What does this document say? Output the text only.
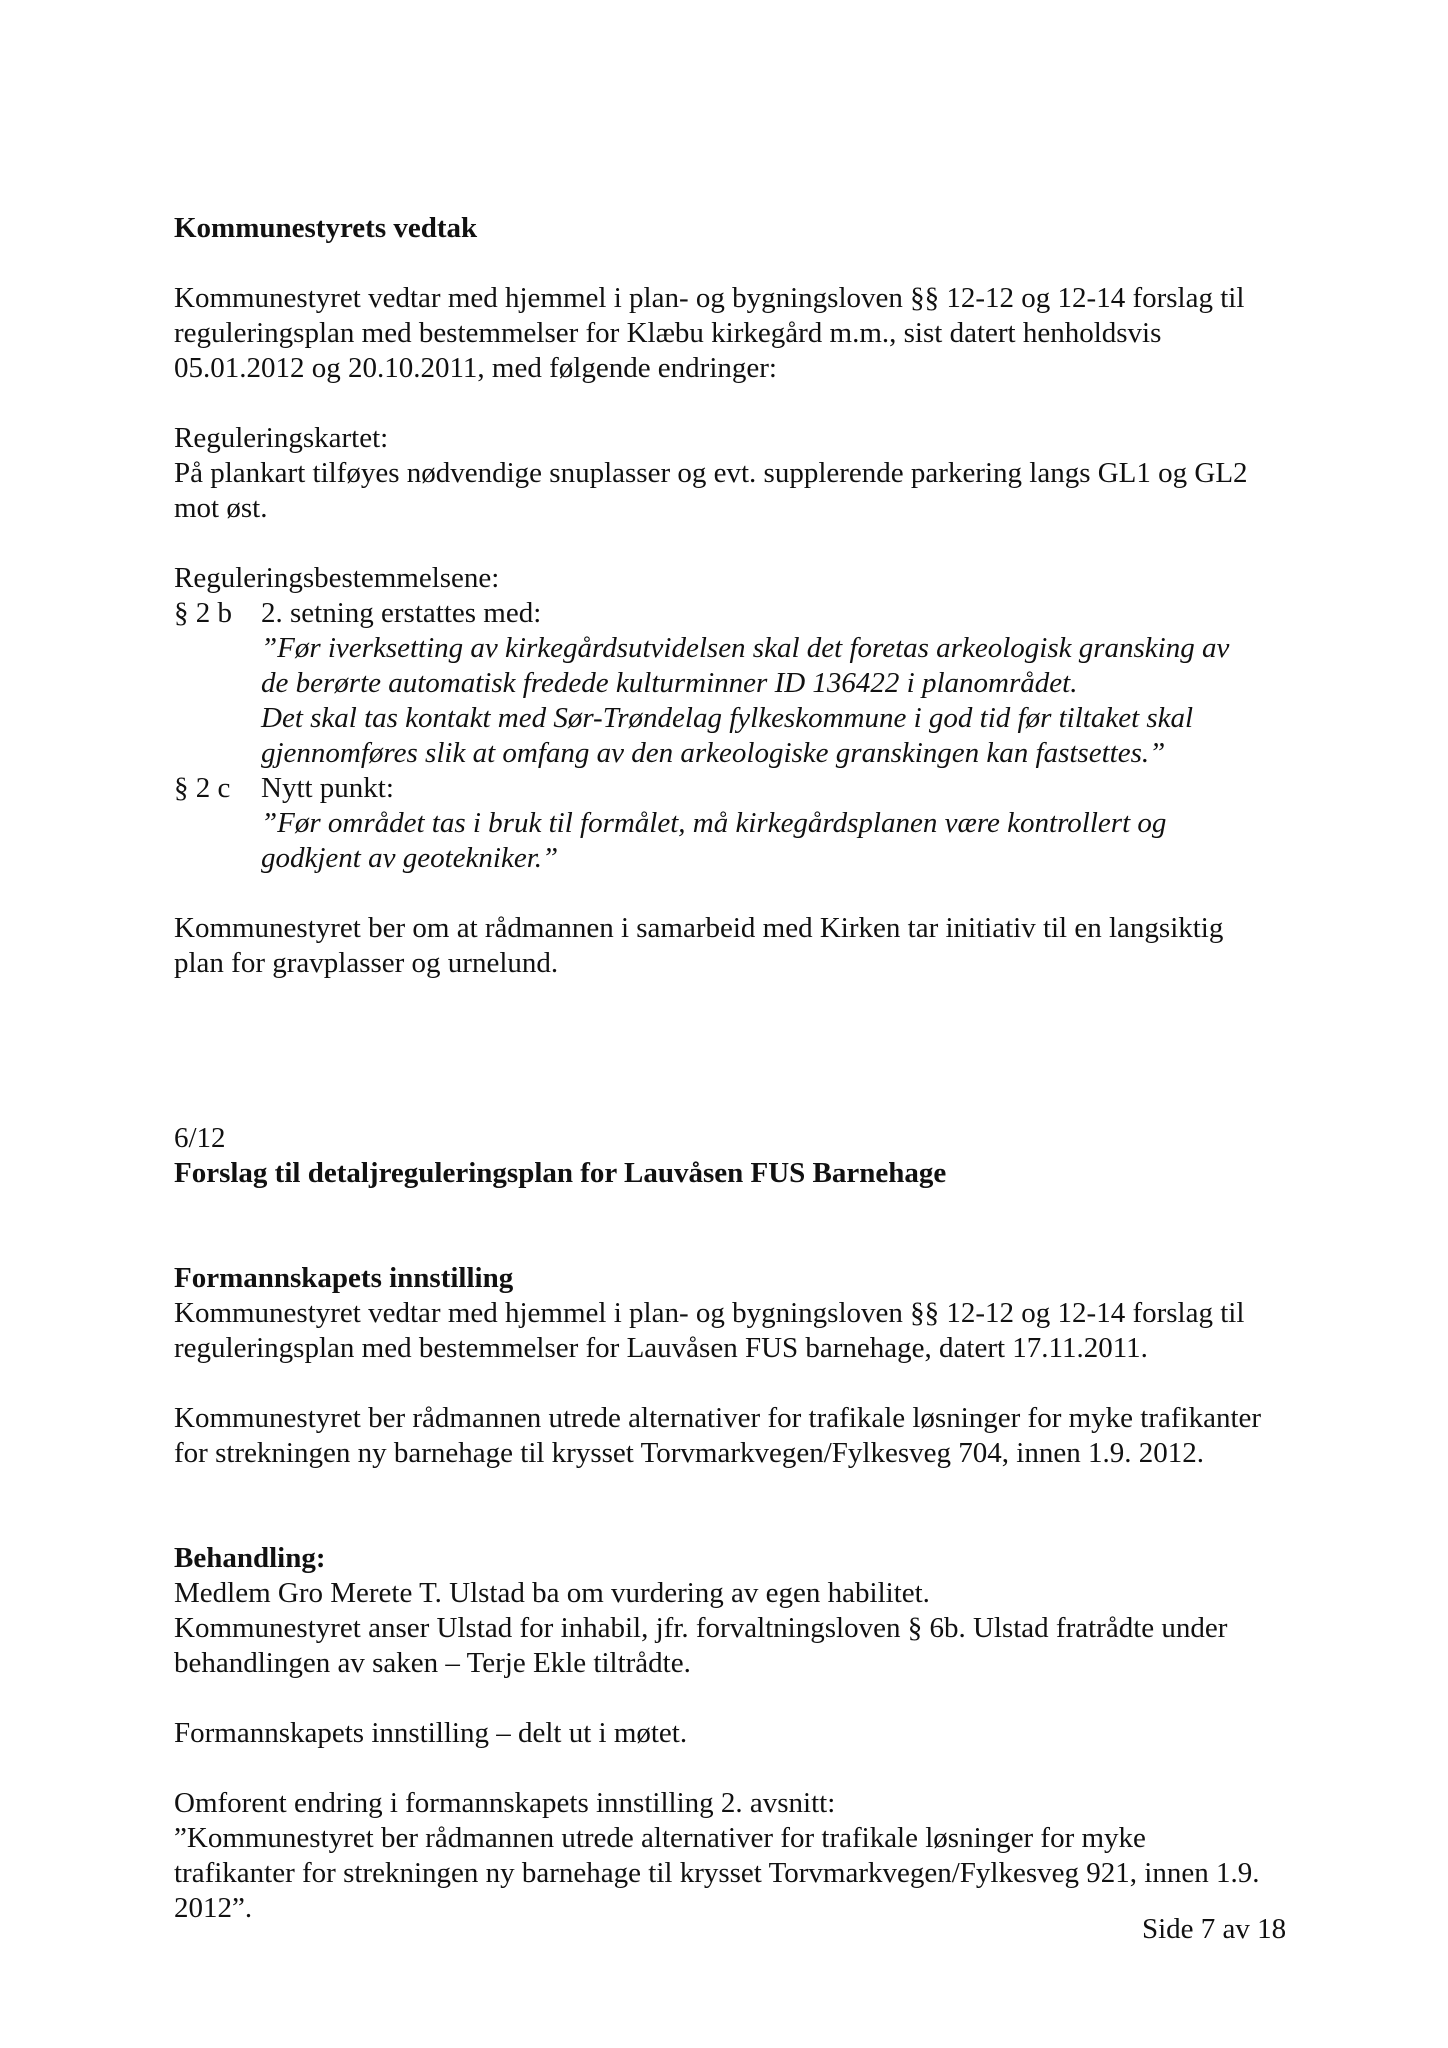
Kommunestyrets vedtak

Kommunestyret vedtar med hjemmel i plan- og bygningsloven §§ 12-12 og 12-14 forslag til

reguleringsplan med bestemmelser for Klæbu kirkegård m.m., sist datert henholdsvis

05.01.2012 og 20.10.2011, med følgende endringer:

Reguleringskartet:

På plankart tilføyes nødvendige snuplasser og evt. supplerende parkering langs GL1 og GL2

mot øst.

Reguleringsbestemmelsene:

§ 2 b	2. setning erstattes med:

”Før iverksetting av kirkegårdsutvidelsen skal det foretas arkeologisk gransking av

de berørte automatisk fredede kulturminner ID 136422 i planområdet.

Det skal tas kontakt med Sør-Trøndelag fylkeskommune i god tid før tiltaket skal

gjennomføres slik at omfang av den arkeologiske granskingen kan fastsettes.”

§ 2 c	Nytt punkt:

”Før området tas i bruk til formålet, må kirkegårdsplanen være kontrollert og

godkjent av geotekniker.”

Kommunestyret ber om at rådmannen i samarbeid med Kirken tar initiativ til en langsiktig

plan for gravplasser og urnelund.

6/12

Forslag til detaljreguleringsplan for Lauvåsen FUS Barnehage

Formannskapets innstilling

Kommunestyret vedtar med hjemmel i plan- og bygningsloven §§ 12-12 og 12-14 forslag til

reguleringsplan med bestemmelser for Lauvåsen FUS barnehage, datert 17.11.2011.

Kommunestyret ber rådmannen utrede alternativer for trafikale løsninger for myke trafikanter

for strekningen ny barnehage til krysset Torvmarkvegen/Fylkesveg 704, innen 1.9. 2012.

Behandling:

Medlem Gro Merete T. Ulstad ba om vurdering av egen habilitet.

Kommunestyret anser Ulstad for inhabil, jfr. forvaltningsloven § 6b. Ulstad fratrådte under

behandlingen av saken – Terje Ekle tiltrådte.

Formannskapets innstilling – delt ut i møtet.

Omforent endring i formannskapets innstilling 2. avsnitt:

”Kommunestyret ber rådmannen utrede alternativer for trafikale løsninger for myke

trafikanter for strekningen ny barnehage til krysset Torvmarkvegen/Fylkesveg 921, innen 1.9.

2012”.

Side 7 av 18
